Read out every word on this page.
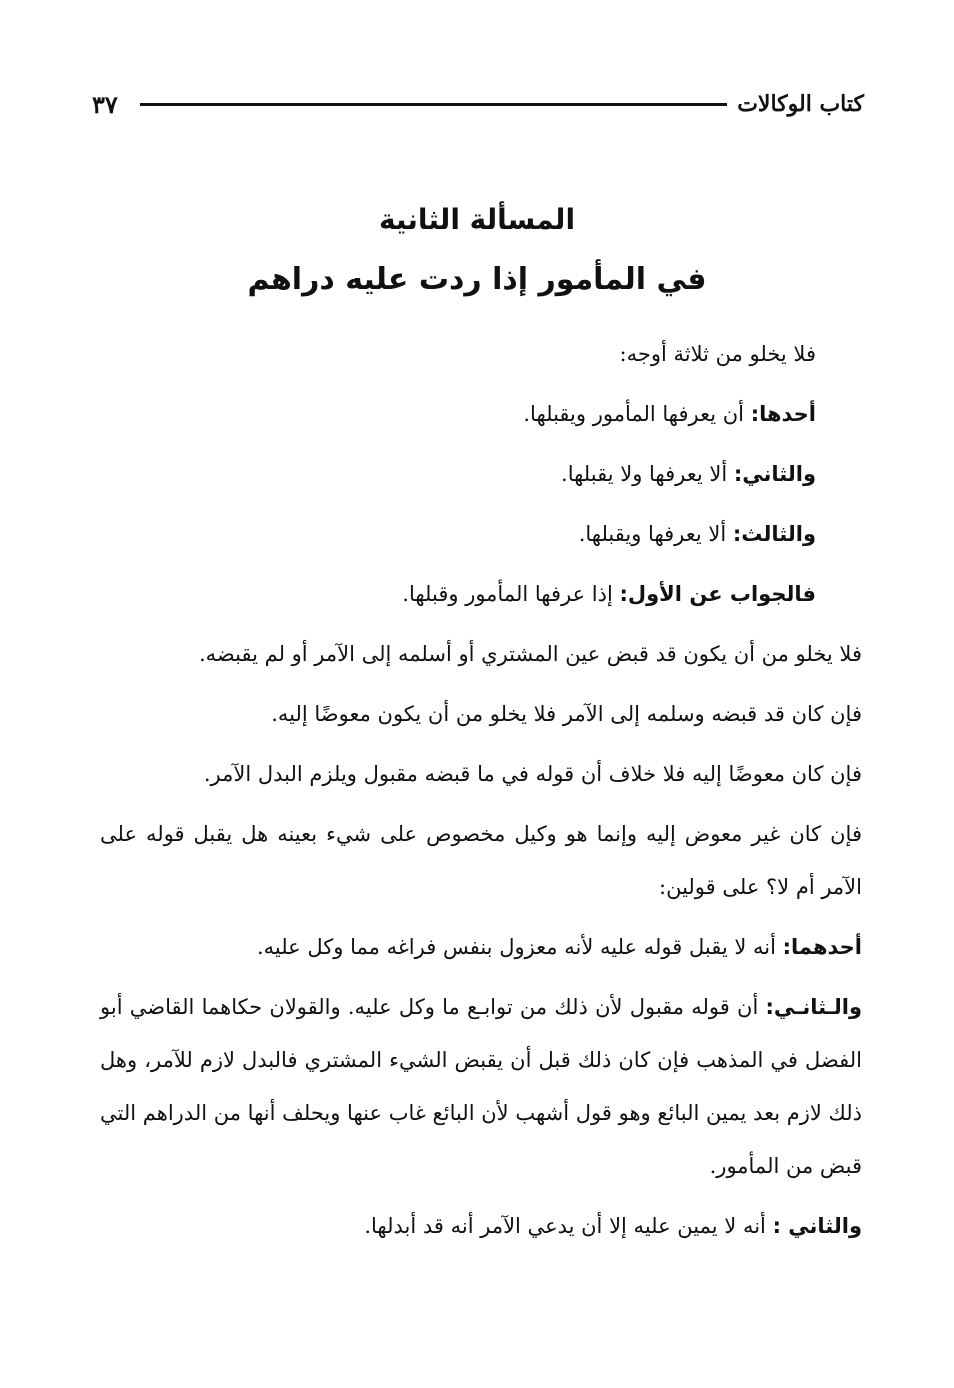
كتاب الوكالات
٣٧
المسألة الثانية
في المأمور إذا ردت عليه دراهم

فلا يخلو من ثلاثة أوجه:

أحدها: أن يعرفها المأمور ويقبلها.

والثاني: ألا يعرفها ولا يقبلها.

والثالث: ألا يعرفها ويقبلها.

فالجواب عن الأول: إذا عرفها المأمور وقبلها.

فلا يخلو من أن يكون قد قبض عين المشتري أو أسلمه إلى الآمر أو لم يقبضه.

فإن كان قد قبضه وسلمه إلى الآمر فلا يخلو من أن يكون معوضًا إليه.

فإن كان معوضًا إليه فلا خلاف أن قوله في ما قبضه مقبول ويلزم البدل الآمر.

فإن كان غير معوض إليه وإنما هو وكيل مخصوص على شيء بعينه هل يقبل قوله على الآمر أم لا؟ على قولين:

أحدهما: أنه لا يقبل قوله عليه لأنه معزول بنفس فراغه مما وكل عليه.

والـثانـي: أن قوله مقبول لأن ذلك من توابـع ما وكل عليه. والقولان حكاهما القاضي أبو الفضل في المذهب فإن كان ذلك قبل أن يقبض الشيء المشتري فالبدل لازم للآمر، وهل ذلك لازم بعد يمين البائع وهو قول أشهب لأن البائع غاب عنها ويحلف أنها من الدراهم التي قبض من المأمور.

والثاني : أنه لا يمين عليه إلا أن يدعي الآمر أنه قد أبدلها.
